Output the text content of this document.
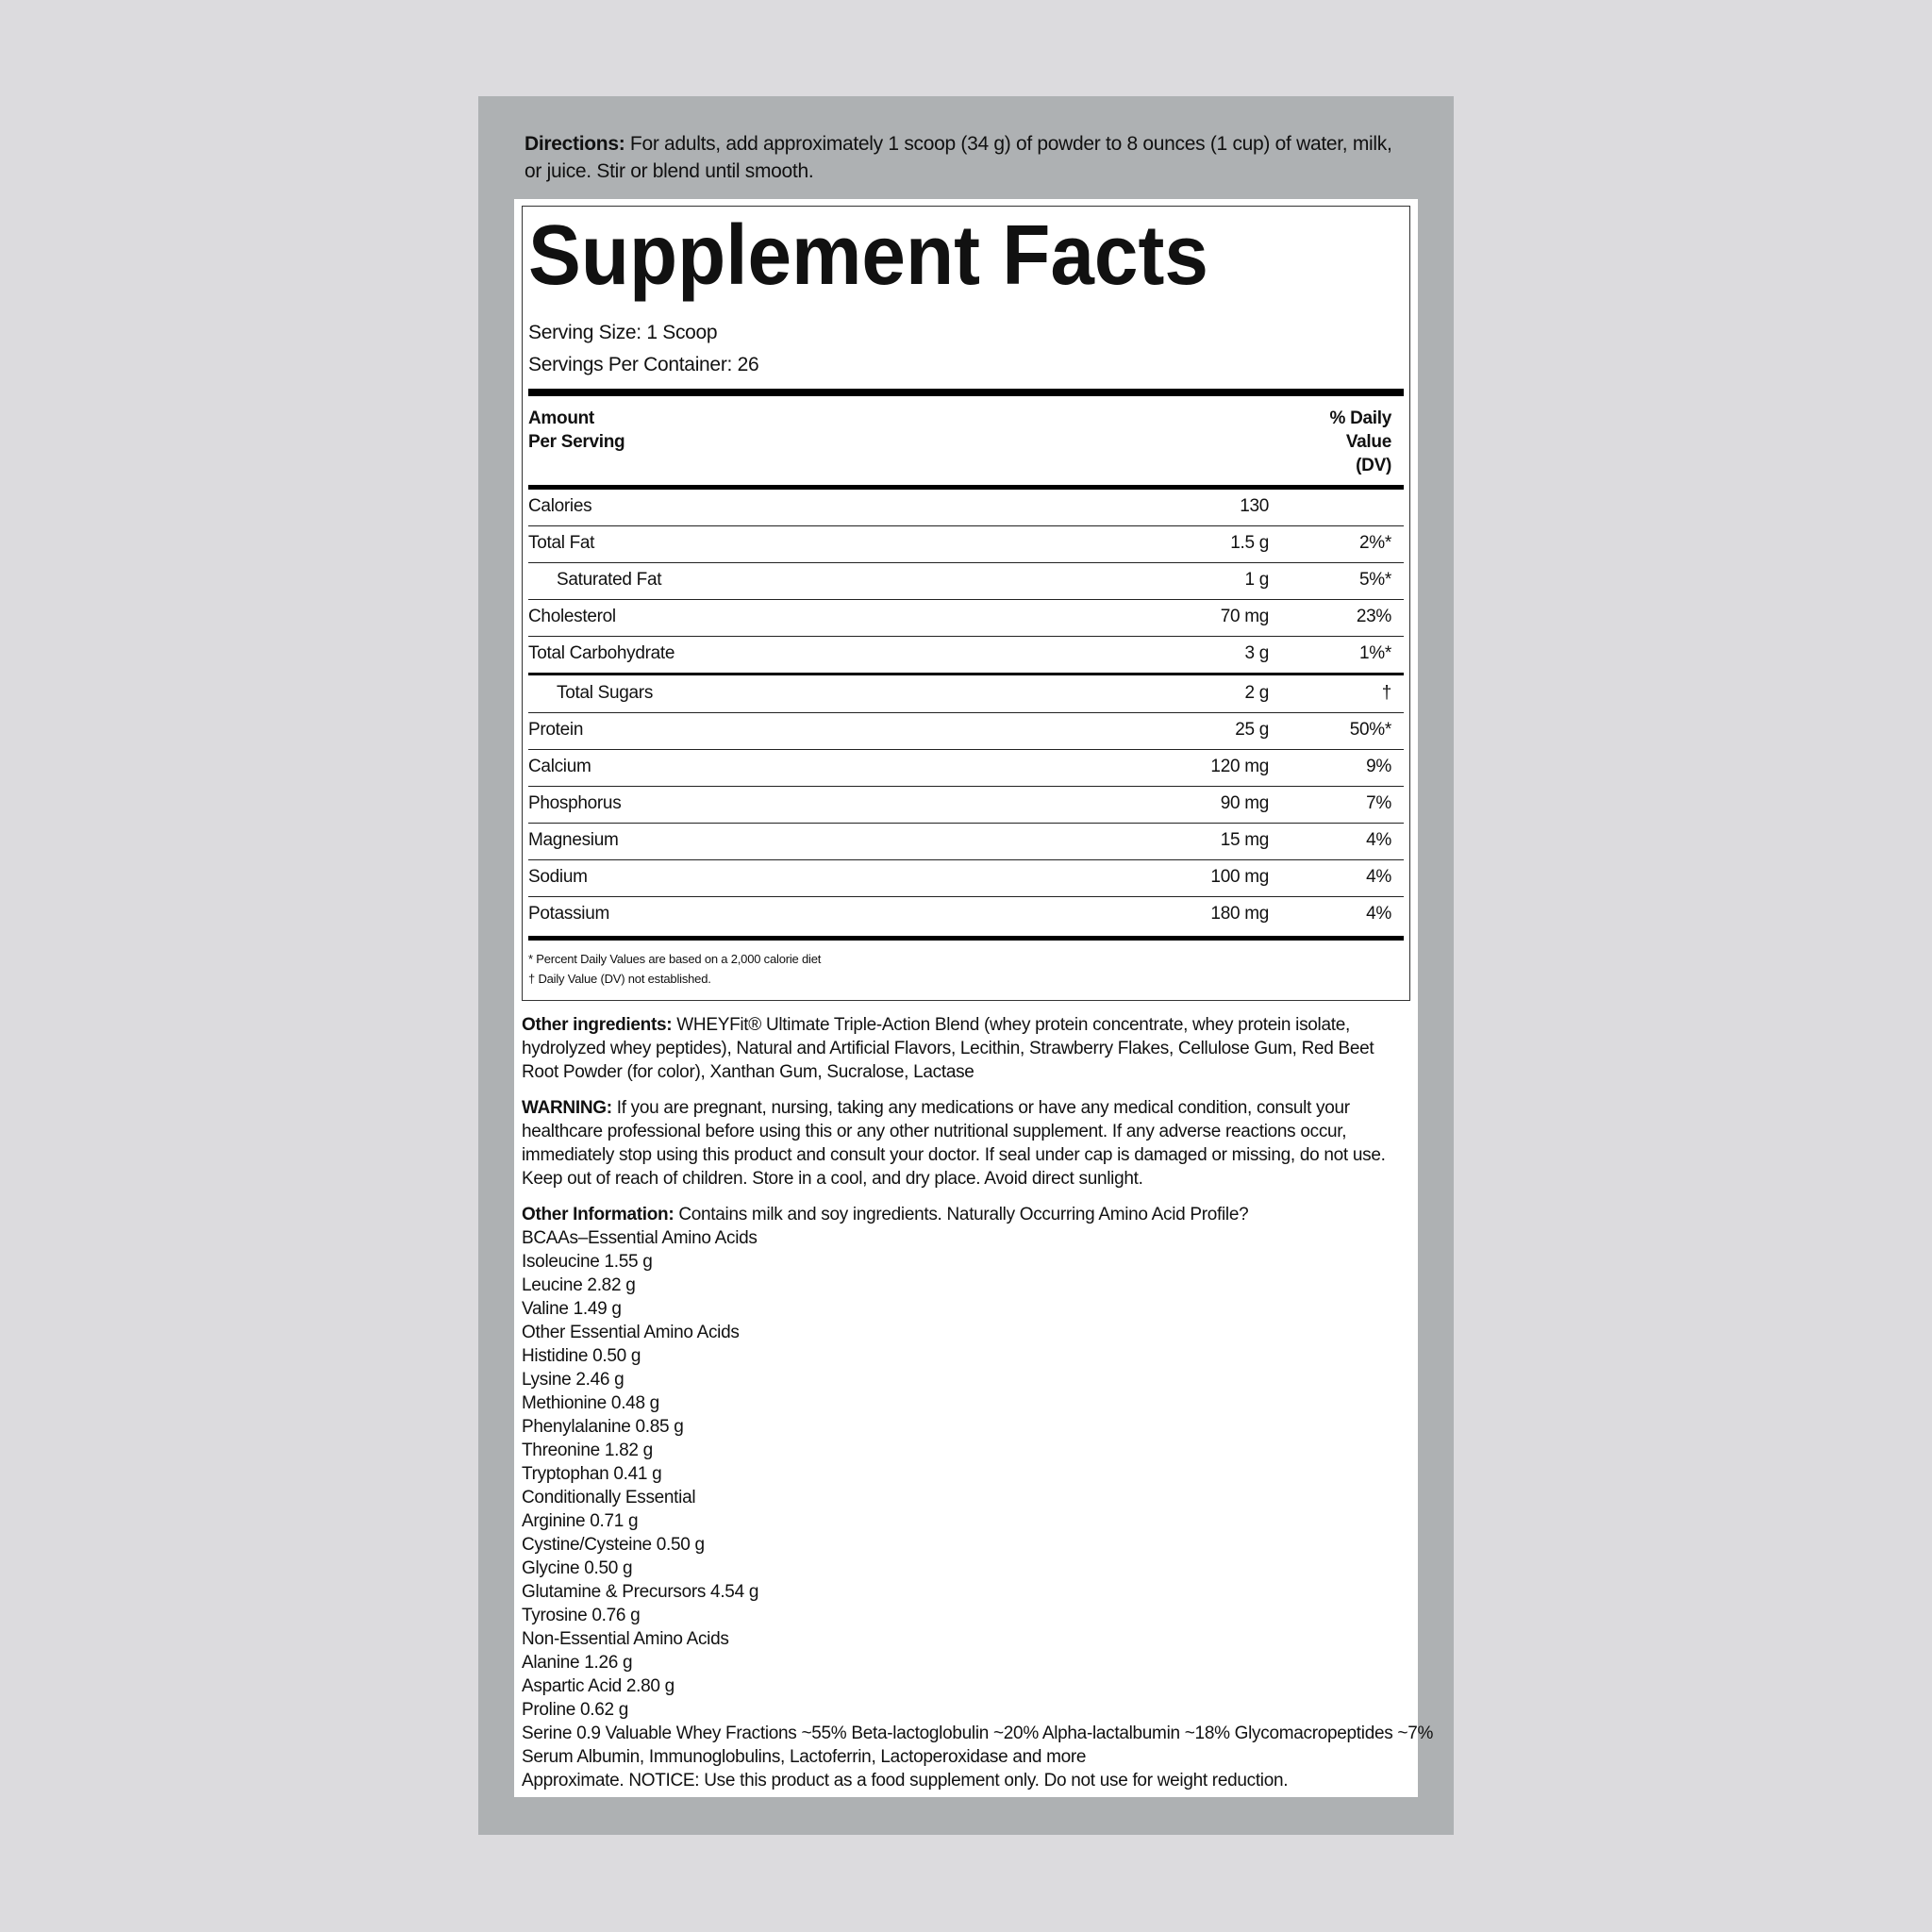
Directions: For adults, add approximately 1 scoop (34 g) of powder to 8 ounces (1 cup) of water, milk, or juice. Stir or blend until smooth.
Supplement Facts
Serving Size: 1 Scoop
Servings Per Container: 26
Amount
Per Serving
% Daily
Value
(DV)
Calories	130
Total Fat	1.5 g	2%*
Saturated Fat	1 g	5%*
Cholesterol	70 mg	23%
Total Carbohydrate	3 g	1%*
Total Sugars	2 g	†
Protein	25 g	50%*
Calcium	120 mg	9%
Phosphorus	90 mg	7%
Magnesium	15 mg	4%
Sodium	100 mg	4%
Potassium	180 mg	4%
* Percent Daily Values are based on a 2,000 calorie diet
† Daily Value (DV) not established.
Other ingredients: WHEYFit® Ultimate Triple-Action Blend (whey protein concentrate, whey protein isolate, hydrolyzed whey peptides), Natural and Artificial Flavors, Lecithin, Strawberry Flakes, Cellulose Gum, Red Beet Root Powder (for color), Xanthan Gum, Sucralose, Lactase
WARNING: If you are pregnant, nursing, taking any medications or have any medical condition, consult your healthcare professional before using this or any other nutritional supplement. If any adverse reactions occur, immediately stop using this product and consult your doctor. If seal under cap is damaged or missing, do not use. Keep out of reach of children. Store in a cool, and dry place. Avoid direct sunlight.
Other Information: Contains milk and soy ingredients. Naturally Occurring Amino Acid Profile?
BCAAs–Essential Amino Acids
Isoleucine 1.55 g
Leucine 2.82 g
Valine 1.49 g
Other Essential Amino Acids
Histidine 0.50 g
Lysine 2.46 g
Methionine 0.48 g
Phenylalanine 0.85 g
Threonine 1.82 g
Tryptophan 0.41 g
Conditionally Essential
Arginine 0.71 g
Cystine/Cysteine 0.50 g
Glycine 0.50 g
Glutamine & Precursors 4.54 g
Tyrosine 0.76 g
Non-Essential Amino Acids
Alanine 1.26 g
Aspartic Acid 2.80 g
Proline 0.62 g
Serine 0.9 Valuable Whey Fractions ~55% Beta-lactoglobulin ~20% Alpha-lactalbumin ~18% Glycomacropeptides ~7%
Serum Albumin, Immunoglobulins, Lactoferrin, Lactoperoxidase and more
Approximate. NOTICE: Use this product as a food supplement only. Do not use for weight reduction.
